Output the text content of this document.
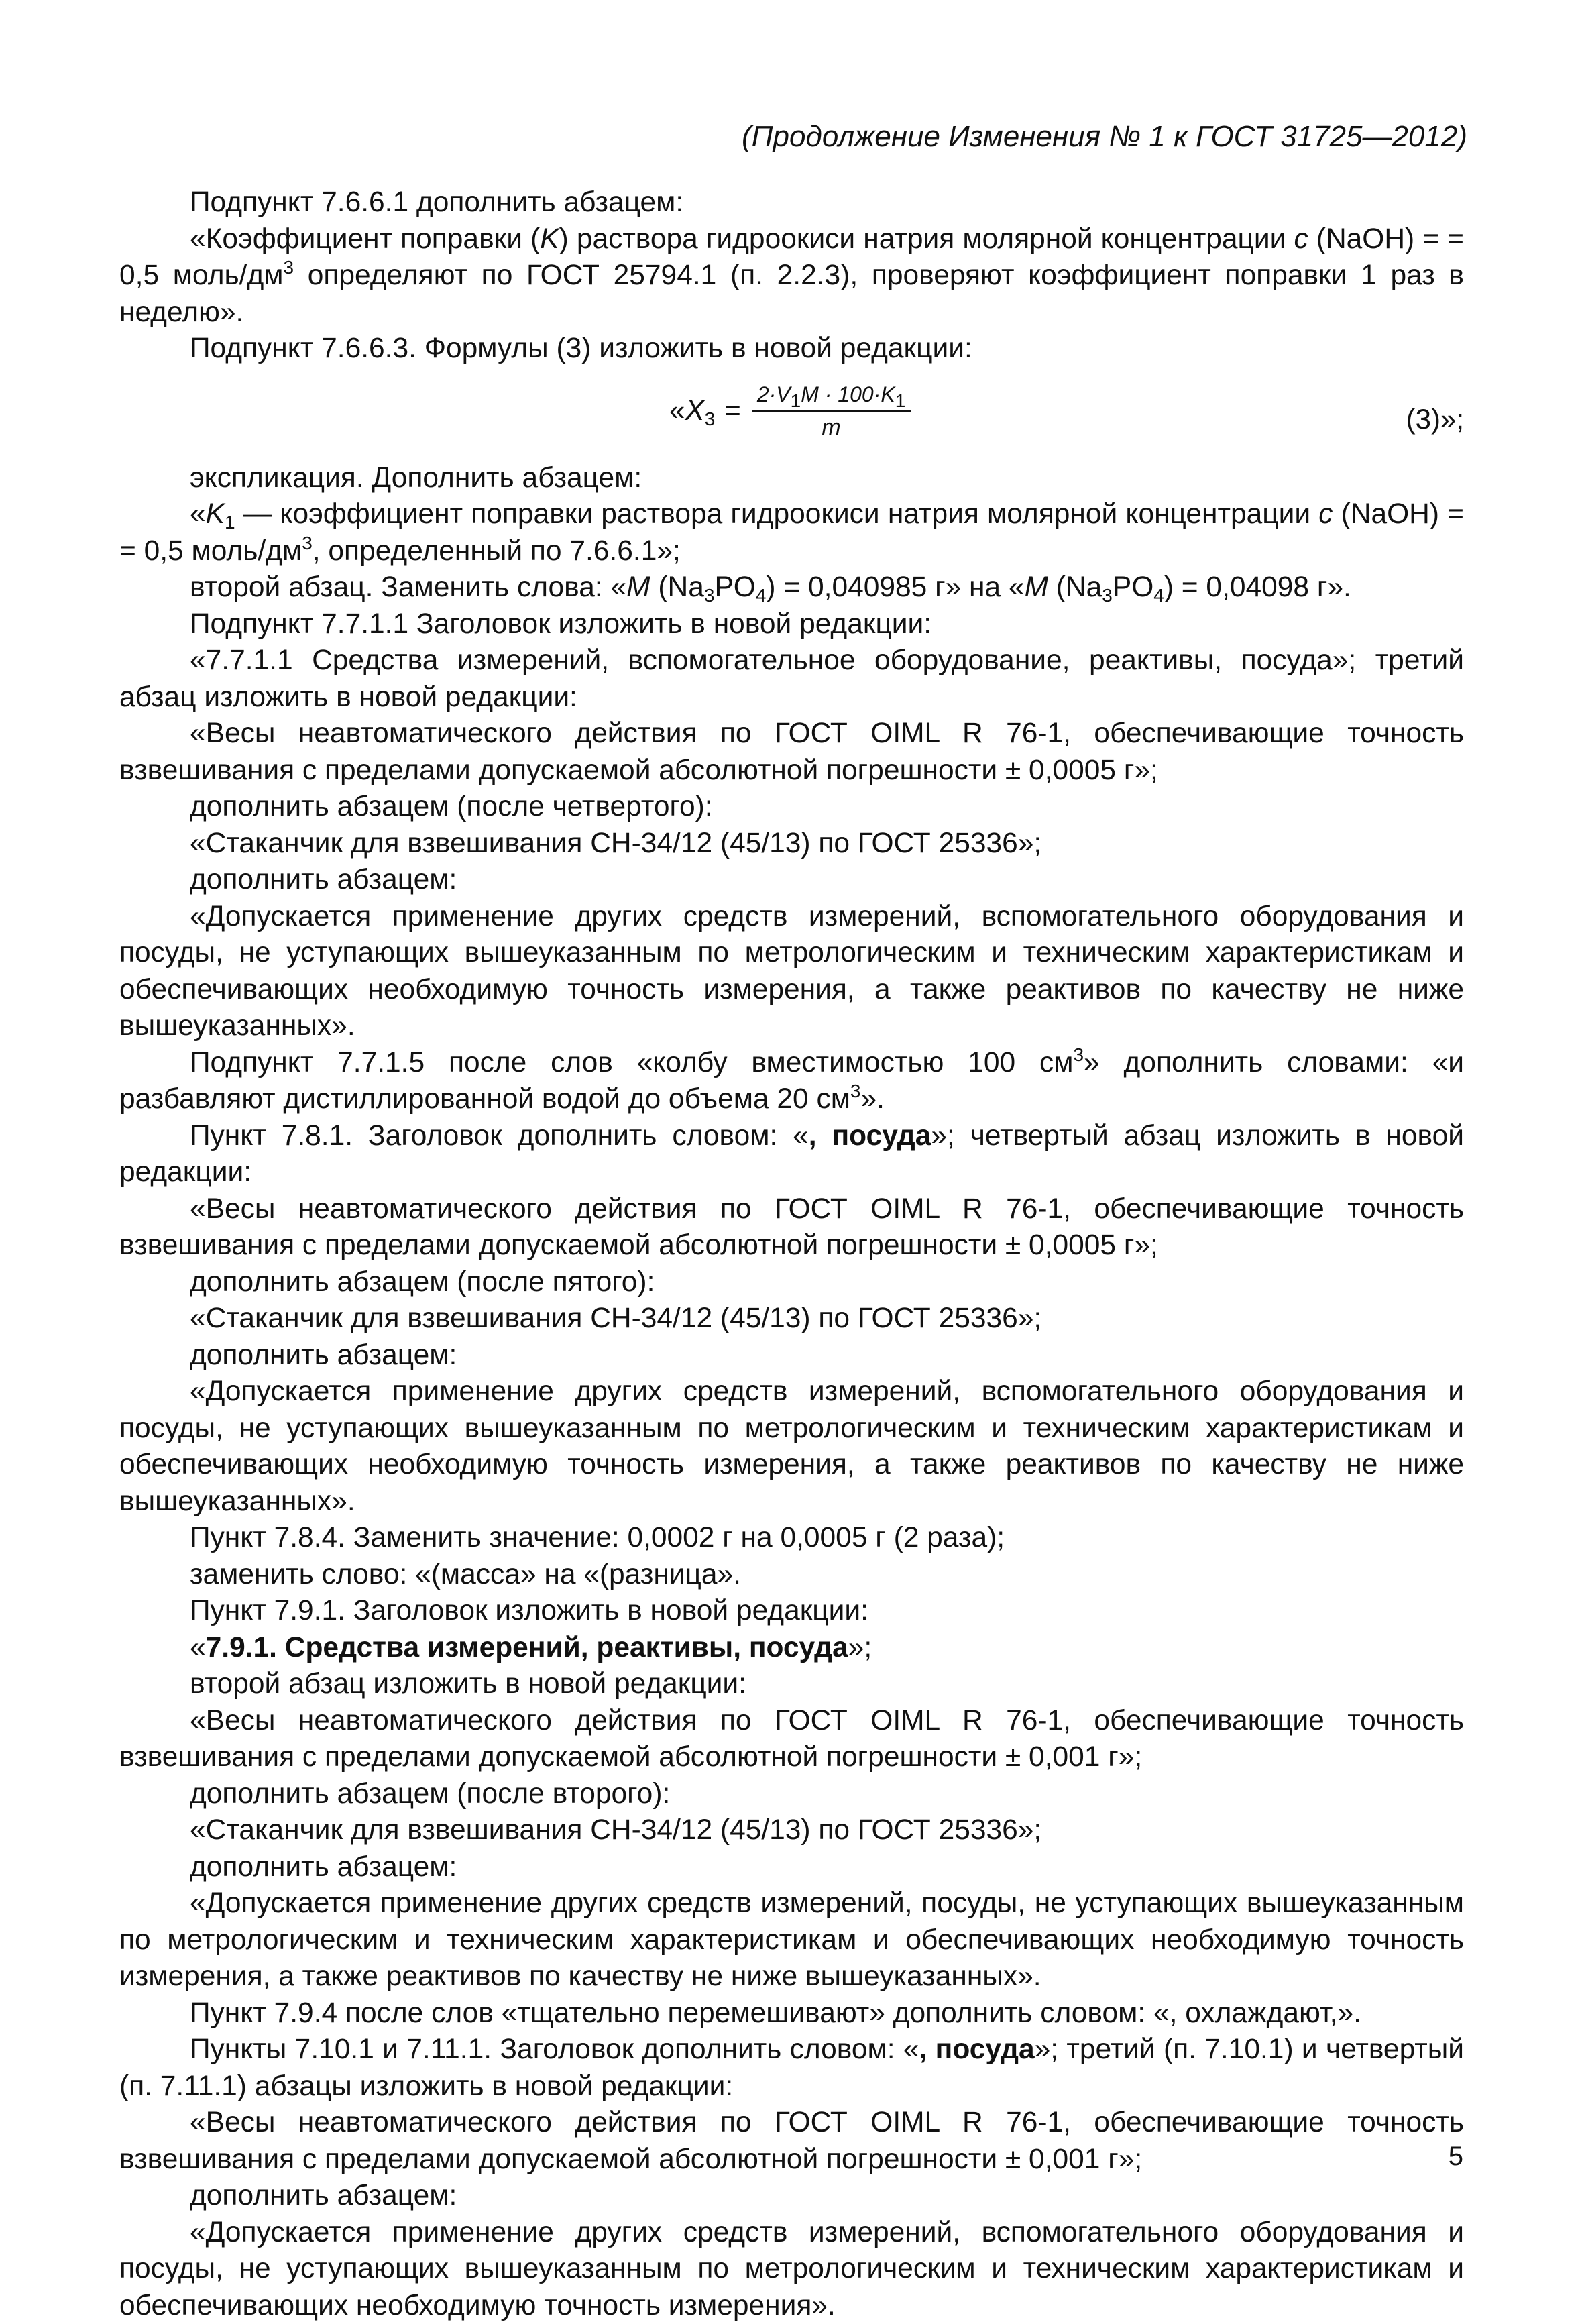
(Продолжение Изменения № 1 к ГОСТ 31725—2012)

Подпункт 7.6.6.1 дополнить абзацем:

«Коэффициент поправки (K) раствора гидроокиси натрия молярной концентрации c (NaOH) = = 0,5 моль/$дм^3$ определяют по ГОСТ 25794.1 (п. 2.2.3), проверяют коэффициент поправки 1 раз в неделю».

Подпункт 7.6.6.3. Формулы (3) изложить в новой редакции:

«$X_3 = \frac{2\cdot V_1M \cdot 100\cdot K_1}{m}$	(3)»;

экспликация. Дополнить абзацем:

«$K_1$ — коэффициент поправки раствора гидроокиси натрия молярной концентрации c (NaOH) = = 0,5 моль/$дм^3$, определенный по 7.6.6.1»;

второй абзац. Заменить слова: «M $(Na_3PO_4) = 0,040985$ г» на «M $(Na_3PO_4) = 0,04098$ г».

Подпункт 7.7.1.1 Заголовок изложить в новой редакции:

«7.7.1.1 Средства измерений, вспомогательное оборудование, реактивы, посуда»; третий абзац изложить в новой редакции:

«Весы неавтоматического действия по ГОСТ OIML R 76-1, обеспечивающие точность взвешивания с пределами допускаемой абсолютной погрешности ± 0,0005 г»;

дополнить абзацем (после четвертого):

«Стаканчик для взвешивания СН-34/12 (45/13) по ГОСТ 25336»;

дополнить абзацем:

«Допускается применение других средств измерений, вспомогательного оборудования и посуды, не уступающих вышеуказанным по метрологическим и техническим характеристикам и обеспечивающих необходимую точность измерения, а также реактивов по качеству не ниже вышеуказанных».

Подпункт 7.7.1.5 после слов «колбу вместимостью 100 $см^3$» дополнить словами: «и разбавляют дистиллированной водой до объема 20 $см^3$».

Пункт 7.8.1. Заголовок дополнить словом: «, посуда»; четвертый абзац изложить в новой редакции:

«Весы неавтоматического действия по ГОСТ OIML R 76-1, обеспечивающие точность взвешивания с пределами допускаемой абсолютной погрешности ± 0,0005 г»;

дополнить абзацем (после пятого):

«Стаканчик для взвешивания СН-34/12 (45/13) по ГОСТ 25336»;

дополнить абзацем:

«Допускается применение других средств измерений, вспомогательного оборудования и посуды, не уступающих вышеуказанным по метрологическим и техническим характеристикам и обеспечивающих необходимую точность измерения, а также реактивов по качеству не ниже вышеуказанных».

Пункт 7.8.4. Заменить значение: 0,0002 г на 0,0005 г (2 раза);

заменить слово: «(масса» на «(разница».

Пункт 7.9.1. Заголовок изложить в новой редакции:

«7.9.1. Средства измерений, реактивы, посуда»;

второй абзац изложить в новой редакции:

«Весы неавтоматического действия по ГОСТ OIML R 76-1, обеспечивающие точность взвешивания с пределами допускаемой абсолютной погрешности ± 0,001 г»;

дополнить абзацем (после второго):

«Стаканчик для взвешивания СН-34/12 (45/13) по ГОСТ 25336»;

дополнить абзацем:

«Допускается применение других средств измерений, посуды, не уступающих вышеуказанным по метрологическим и техническим характеристикам и обеспечивающих необходимую точность измерения, а также реактивов по качеству не ниже вышеуказанных».

Пункт 7.9.4 после слов «тщательно перемешивают» дополнить словом: «, охлаждают,».

Пункты 7.10.1 и 7.11.1. Заголовок дополнить словом: «, посуда»; третий (п. 7.10.1) и четвертый (п. 7.11.1) абзацы изложить в новой редакции:

«Весы неавтоматического действия по ГОСТ OIML R 76-1, обеспечивающие точность взвешивания с пределами допускаемой абсолютной погрешности ± 0,001 г»;

дополнить абзацем:

«Допускается применение других средств измерений, вспомогательного оборудования и посуды, не уступающих вышеуказанным по метрологическим и техническим характеристикам и обеспечивающих необходимую точность измерения».

5
